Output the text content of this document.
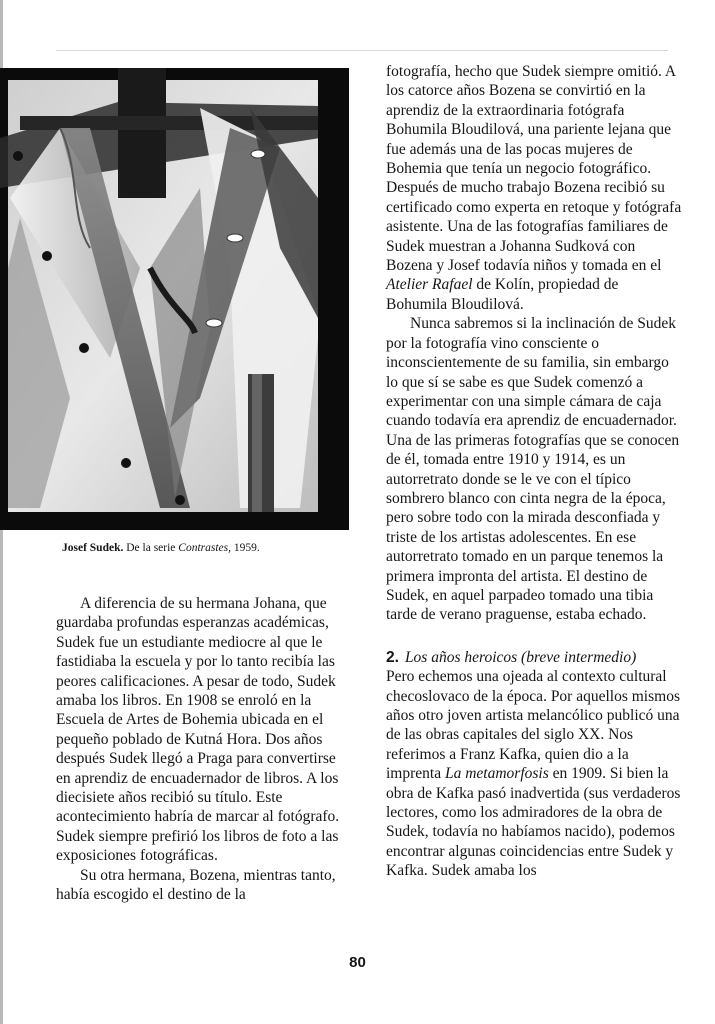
Josef Sudek. De la serie Contrastes, 1959.

A diferencia de su hermana Johana, que guardaba profundas esperanzas académicas, Sudek fue un estudiante mediocre al que le fastidiaba la escuela y por lo tanto recibía las peores calificaciones. A pesar de todo, Sudek amaba los libros. En 1908 se enroló en la Escuela de Artes de Bohemia ubicada en el pequeño poblado de Kutná Hora. Dos años después Sudek llegó a Praga para convertirse en aprendiz de encuadernador de libros. A los diecisiete años recibió su título. Este acontecimiento habría de marcar al fotógrafo. Sudek siempre prefirió los libros de foto a las exposiciones fotográficas.

Su otra hermana, Bozena, mientras tanto, había escogido el destino de la

fotografía, hecho que Sudek siempre omitió. A los catorce años Bozena se convirtió en la aprendiz de la extraordinaria fotógrafa Bohumila Bloudilová, una pariente lejana que fue además una de las pocas mujeres de Bohemia que tenía un negocio fotográfico. Después de mucho trabajo Bozena recibió su certificado como experta en retoque y fotógrafa asistente. Una de las fotografías familiares de Sudek muestran a Johanna Sudková con Bozena y Josef todavía niños y tomada en el Atelier Rafael de Kolín, propiedad de Bohumila Bloudilová.

Nunca sabremos si la inclinación de Sudek por la fotografía vino consciente o inconscientemente de su familia, sin embargo lo que sí se sabe es que Sudek comenzó a experimentar con una simple cámara de caja cuando todavía era aprendiz de encuadernador. Una de las primeras fotografías que se conocen de él, tomada entre 1910 y 1914, es un autorretrato donde se le ve con el típico sombrero blanco con cinta negra de la época, pero sobre todo con la mirada desconfiada y triste de los artistas adolescentes. En ese autorretrato tomado en un parque tenemos la primera impronta del artista. El destino de Sudek, en aquel parpadeo tomado una tibia tarde de verano praguense, estaba echado.

2. Los años heroicos (breve intermedio)

Pero echemos una ojeada al contexto cultural checoslovaco de la época. Por aquellos mismos años otro joven artista melancólico publicó una de las obras capitales del siglo XX. Nos referimos a Franz Kafka, quien dio a la imprenta La metamorfosis en 1909. Si bien la obra de Kafka pasó inadvertida (sus verdaderos lectores, como los admiradores de la obra de Sudek, todavía no habíamos nacido), podemos encontrar algunas coincidencias entre Sudek y Kafka. Sudek amaba los

80
